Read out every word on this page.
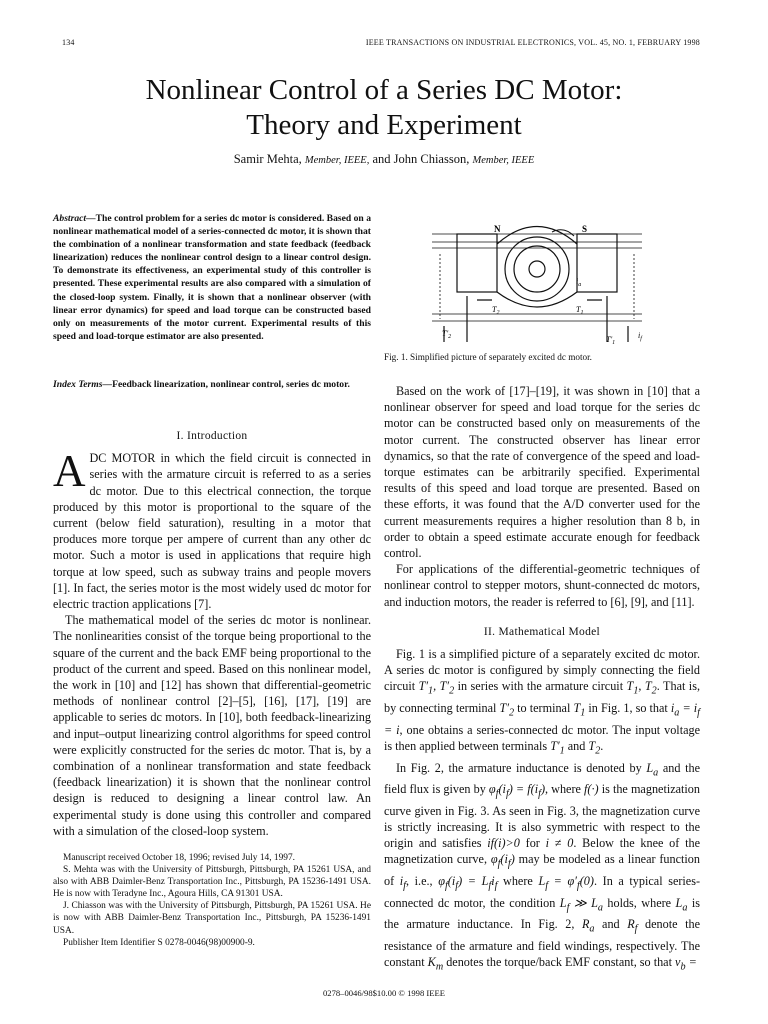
134	IEEE TRANSACTIONS ON INDUSTRIAL ELECTRONICS, VOL. 45, NO. 1, FEBRUARY 1998
Nonlinear Control of a Series DC Motor:
Theory and Experiment
Samir Mehta, Member, IEEE, and John Chiasson, Member, IEEE
Abstract—The control problem for a series dc motor is considered. Based on a nonlinear mathematical model of a series-connected dc motor, it is shown that the combination of a nonlinear transformation and state feedback (feedback linearization) reduces the nonlinear control design to a linear control design. To demonstrate its effectiveness, an experimental study of this controller is presented. These experimental results are also compared with a simulation of the closed-loop system. Finally, it is shown that a nonlinear observer (with linear error dynamics) for speed and load torque can be constructed based only on measurements of the motor current. Experimental results of this speed and load-torque estimator are also presented.
Index Terms—Feedback linearization, nonlinear control, series dc motor.
I. Introduction

ADC MOTOR in which the field circuit is connected in series with the armature circuit is referred to as a series dc motor. Due to this electrical connection, the torque produced by this motor is proportional to the square of the current (below field saturation), resulting in a motor that produces more torque per ampere of current than any other dc motor. Such a motor is used in applications that require high torque at low speed, such as subway trains and people movers [1]. In fact, the series motor is the most widely used dc motor for electric traction applications [7].

The mathematical model of the series dc motor is nonlinear. The nonlinearities consist of the torque being proportional to the square of the current and the back EMF being proportional to the product of the current and speed. Based on this nonlinear model, the work in [10] and [12] has shown that differential-geometric methods of nonlinear control [2]–[5], [16], [17], [19] are applicable to series dc motors. In [10], both feedback-linearizing and input–output linearizing control algorithms for speed control were explicitly constructed for the series dc motor. That is, by a combination of a nonlinear transformation and state feedback (feedback linearization) it is shown that the nonlinear control design is reduced to designing a linear control law. An experimental study is done using this controller and compared with a simulation of the closed-loop system.

Manuscript received October 18, 1996; revised July 14, 1997.

S. Mehta was with the University of Pittsburgh, Pittsburgh, PA 15261 USA, and also with ABB Daimler-Benz Transportation Inc., Pittsburgh, PA 15236-1491 USA. He is now with Teradyne Inc., Agoura Hills, CA 91301 USA.

J. Chiasson was with the University of Pittsburgh, Pittsburgh, PA 15261 USA. He is now with ABB Daimler-Benz Transportation Inc., Pittsburgh, PA 15236-1491 USA.

Publisher Item Identifier S 0278-0046(98)00900-9.

N	S
$i_a$
$T_2$	$T_1$
$T'_2$	$T'_1$
$i_f$
Fig. 1. Simplified picture of separately excited dc motor.

Based on the work of [17]–[19], it was shown in [10] that a nonlinear observer for speed and load torque for the series dc motor can be constructed based only on measurements of the motor current. The constructed observer has linear error dynamics, so that the rate of convergence of the speed and load-torque estimates can be arbitrarily specified. Experimental results of this speed and load torque are presented. Based on these efforts, it was found that the A/D converter used for the current measurements requires a higher resolution than 8 b, in order to obtain a speed estimate accurate enough for feedback control.

For applications of the differential-geometric techniques of nonlinear control to stepper motors, shunt-connected dc motors, and induction motors, the reader is referred to [6], [9], and [11].

II. Mathematical Model

Fig. 1 is a simplified picture of a separately excited dc motor. A series dc motor is configured by simply connecting the field circuit $T'_1$, $T'_2$ in series with the armature circuit $T_1$, $T_2$. That is, by connecting terminal $T'_2$ to terminal $T_1$ in Fig. 1, so that $i_a = i_f = i$, one obtains a series-connected dc motor. The input voltage is then applied between terminals $T'_1$ and $T_2$.

In Fig. 2, the armature inductance is denoted by $L_a$ and the field flux is given by $\varphi_f(i_f) = f(i_f)$, where f(·) is the magnetization curve given in Fig. 3. As seen in Fig. 3, the magnetization curve is strictly increasing. It is also symmetric with respect to the origin and satisfies if(i)>0 for i ≠ 0. Below the knee of the magnetization curve, $\varphi_f(i_f)$ may be modeled as a linear function of $i_f$, i.e., $\varphi_f(i_f) = L_fi_f$ where $L_f = \varphi'_f(0)$. In a typical series-connected dc motor, the condition $L_f$ ≫ $L_a$ holds, where $L_a$ is the armature inductance. In Fig. 2, $R_a$ and $R_f$ denote the resistance of the armature and field windings, respectively. The constant $K_m$ denotes the torque/back EMF constant, so that $v_b$ =

0278–0046/98$10.00 © 1998 IEEE
